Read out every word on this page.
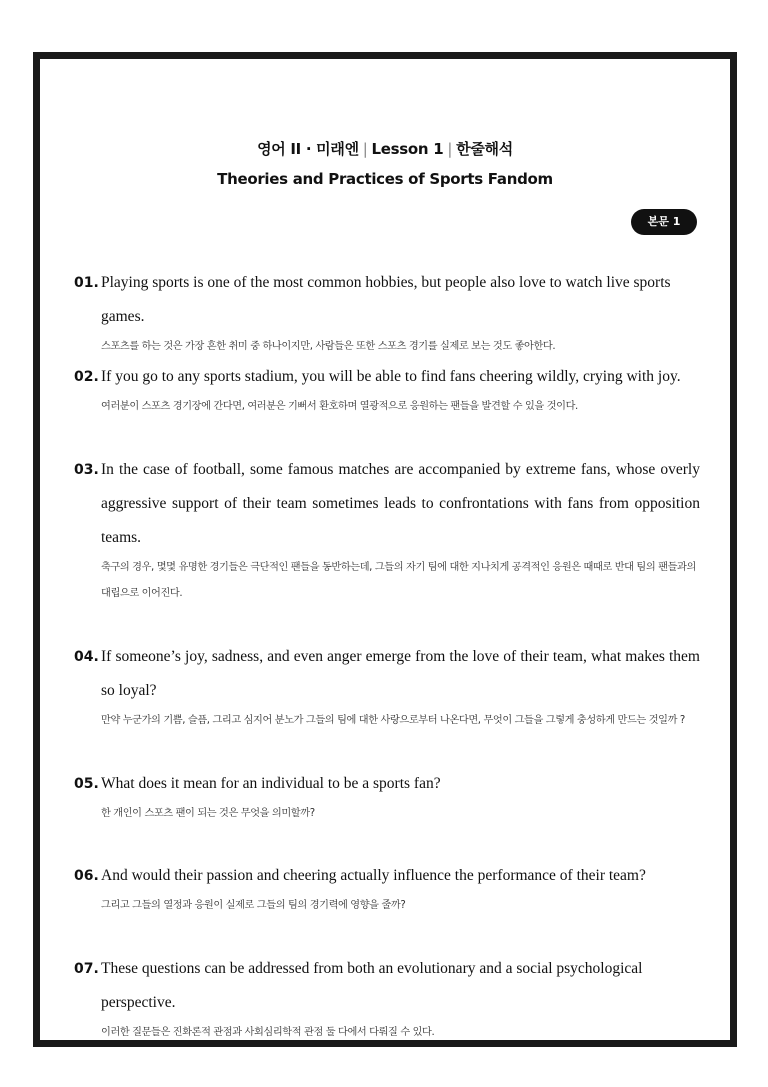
영어 II · 미래엔 | Lesson 1 | 한줄해석
Theories and Practices of Sports Fandom
본문 1
01. Playing sports is one of the most common hobbies, but people also love to watch live sports games.
스포츠를 하는 것은 가장 흔한 취미 중 하나이지만, 사람들은 또한 스포츠 경기를 실제로 보는 것도 좋아한다.
02. If you go to any sports stadium, you will be able to find fans cheering wildly, crying with joy.
여러분이 스포츠 경기장에 간다면, 여러분은 기뻐서 환호하며 열광적으로 응원하는 팬들을 발견할 수 있을 것이다.
03. In the case of football, some famous matches are accompanied by extreme fans, whose overly aggressive support of their team sometimes leads to confrontations with fans from opposition teams.
축구의 경우, 몇몇 유명한 경기들은 극단적인 팬들을 동반하는데, 그들의 자기 팀에 대한 지나치게 공격적인 응원은 때때로 반대 팀의 팬들과의 대립으로 이어진다.
04. If someone’s joy, sadness, and even anger emerge from the love of their team, what makes them so loyal?
만약 누군가의 기쁨, 슬픔, 그리고 심지어 분노가 그들의 팀에 대한 사랑으로부터 나온다면, 무엇이 그들을 그렇게 충성하게 만드는 것일까 ?
05. What does it mean for an individual to be a sports fan?
한 개인이 스포츠 팬이 되는 것은 무엇을 의미할까?
06. And would their passion and cheering actually influence the performance of their team?
그리고 그들의 열정과 응원이 실제로 그들의 팀의 경기력에 영향을 줄까?
07. These questions can be addressed from both an evolutionary and a social psychological perspective.
이러한 질문들은 진화론적 관점과 사회심리학적 관점 둘 다에서 다뤄질 수 있다.
